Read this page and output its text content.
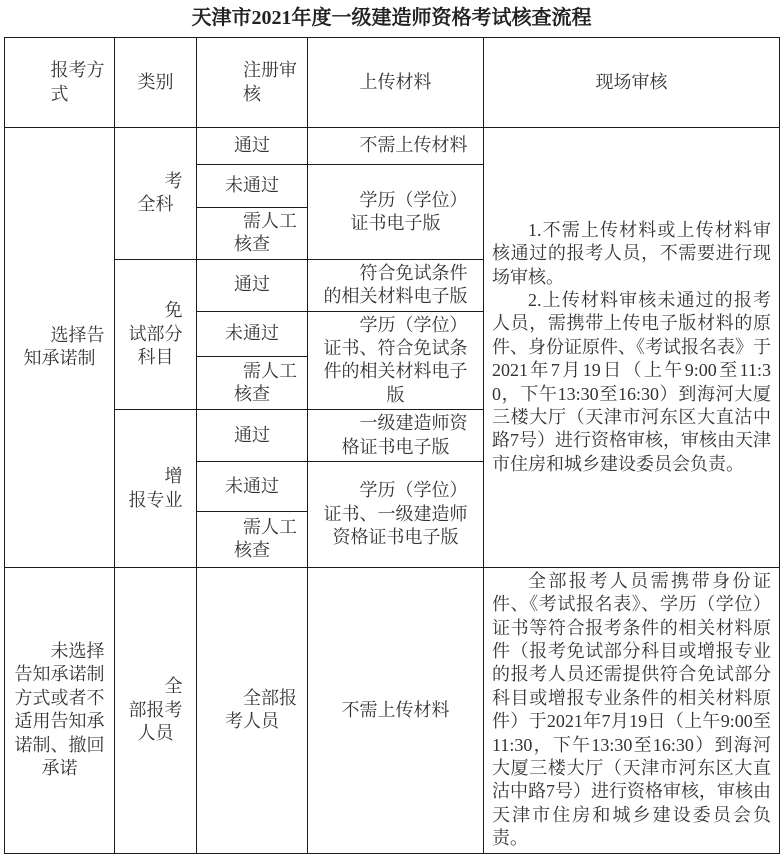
天津市2021年度一级建造师资格考试核查流程
报考方式	类别	注册审核	上传材料	现场审核
选择告知承诺制	考全科	通过	不需上传材料	1.不需上传材料或上传材料审核通过的报考人员，不需要进行现场审核。

2.上传材料审核未通过的报考人员，需携带上传电子版材料的原件、身份证原件、《考试报名表》于2021年7月19日（上午9:00至11:30，下午13:30至16:30）到海河大厦三楼大厅（天津市河东区大直沽中路7号）进行资格审核，审核由天津市住房和城乡建设委员会负责。

		未通过	学历（学位）证书电子版	
		需人工核查		
	免试部分科目	通过	符合免试条件的相关材料电子版	
		未通过	学历（学位）证书、符合免试条件的相关材料电子版	
		需人工核查		
	增报专业	通过	一级建造师资格证书电子版	
		未通过	学历（学位）证书、一级建造师资格证书电子版	
		需人工核查		
未选择告知承诺制方式或者不适用告知承诺制、撤回承诺	全部报考人员	全部报考人员	不需上传材料	全部报考人员需携带身份证件、《考试报名表》、学历（学位）证书等符合报考条件的相关材料原件（报考免试部分科目或增报专业的报考人员还需提供符合免试部分科目或增报专业条件的相关材料原件）于2021年7月19日（上午9:00至11:30，下午13:30至16:30）到海河大厦三楼大厅（天津市河东区大直沽中路7号）进行资格审核，审核由天津市住房和城乡建设委员会负责。
